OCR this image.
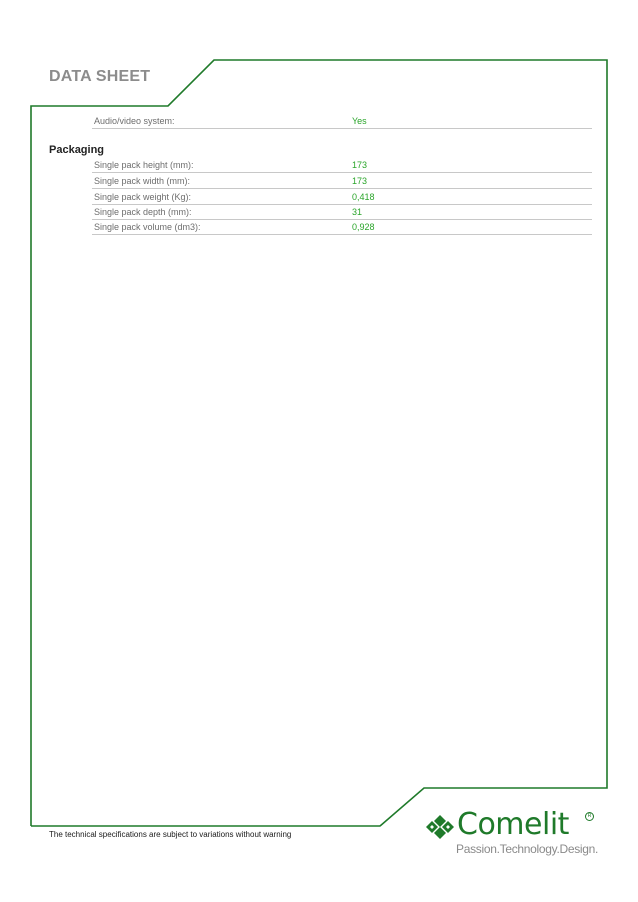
DATA SHEET
Audio/video system:	Yes
Packaging
Single pack height (mm):	173
Single pack width (mm):	173
Single pack weight (Kg):	0,418
Single pack depth (mm):	31
Single pack volume (dm3):	0,928
The technical specifications are subject to variations without warning	Comelit	R
Passion.Technology.Design.
